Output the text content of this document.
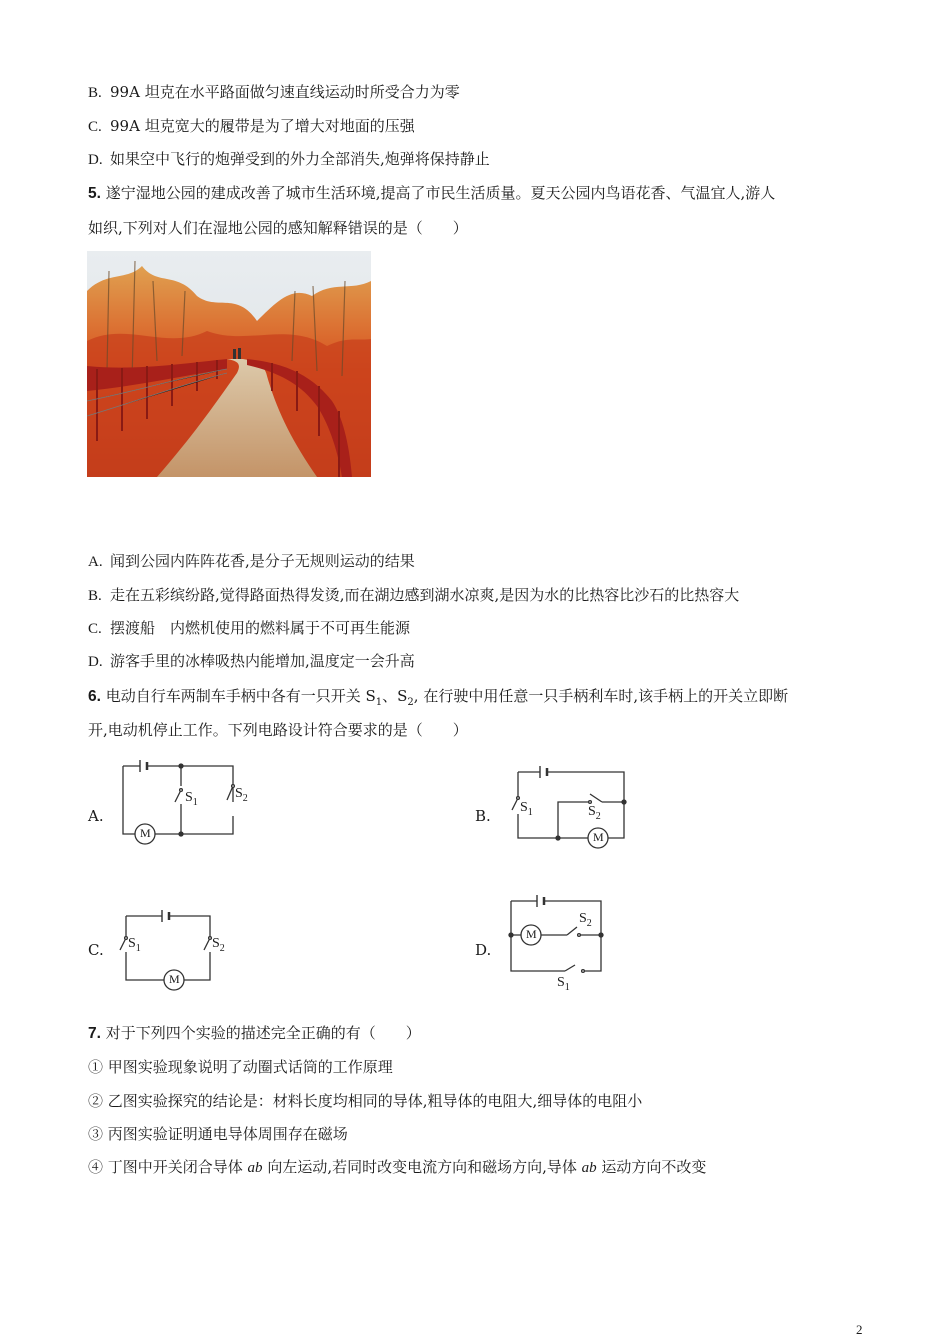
B. 99A 坦克在水平路面做匀速直线运动时所受合力为零
C. 99A 坦克宽大的履带是为了增大对地面的压强
D. 如果空中飞行的炮弹受到的外力全部消失,炮弹将保持静止
5. 遂宁湿地公园的建成改善了城市生活环境,提高了市民生活质量。夏天公园内鸟语花香、气温宜人,游人
如织,下列对人们在湿地公园的感知解释错误的是（　　）
A. 闻到公园内阵阵花香,是分子无规则运动的结果
B. 走在五彩缤纷路,觉得路面热得发烫,而在湖边感到湖水凉爽,是因为水的比热容比沙石的比热容大
C. 摆渡船　内燃机使用的燃料属于不可再生能源
D. 游客手里的冰棒吸热内能增加,温度定一会升高
6. 电动自行车两制车手柄中各有一只开关 $S_1$、$S_2$, 在行驶中用任意一只手柄利车时,该手柄上的开关立即断
开,电动机停止工作。下列电路设计符合要求的是（　　）
A.	B.
C.	D.
M
$S_1$
$S_2$
M
$S_1$	$S_2$
M
$S_1$	$S_2$
M
$S_2$
$S_1$
7. 对于下列四个实验的描述完全正确的有（　　）
① 甲图实验现象说明了动圈式话筒的工作原理
② 乙图实验探究的结论是：材料长度均相同的导体,粗导体的电阻大,细导体的电阻小
③ 丙图实验证明通电导体周围存在磁场
④ 丁图中开关闭合导体 ab 向左运动,若同时改变电流方向和磁场方向,导体 ab 运动方向不改变
2
